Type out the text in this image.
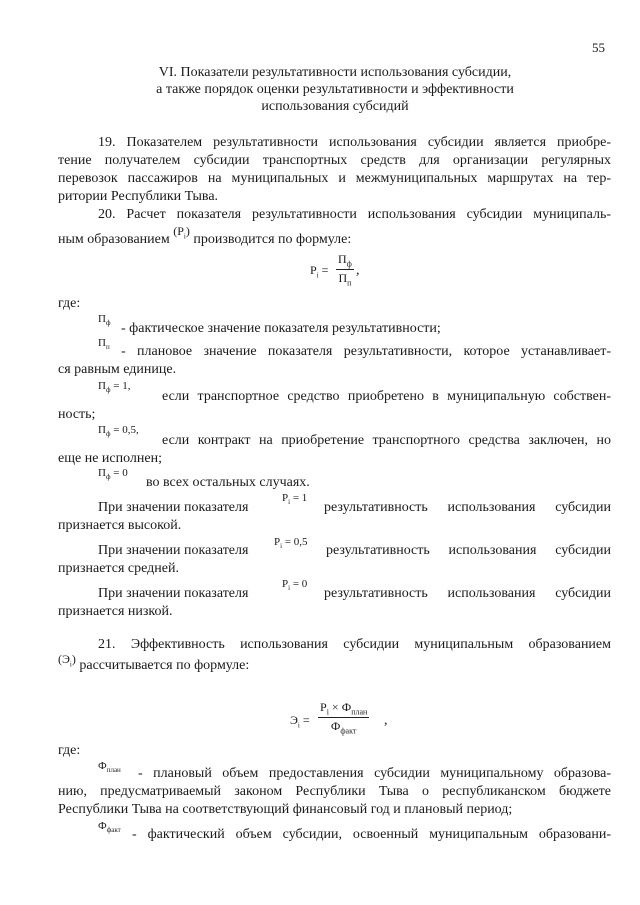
55
VI. Показатели результативности использования субсидии,
а также порядок оценки результативности и эффективности
использования субсидий
19. Показателем результативности использования субсидии является приобре-
тение получателем субсидии транспортных средств для организации регулярных
перевозок пассажиров на муниципальных и межмуниципальных маршрутах на тер-
ритории Республики Тыва.
20. Расчет показателя результативности использования субсидии муниципаль-
ным образованием $(P_i)$ производится по формуле:
$P_i$ =
$П_ф$
$П_п$
,
где:
$П_ф$ - фактическое значение показателя результативности;
$П_п$ - плановое значение показателя результативности, которое устанавливает-
ся равным единице.
$П_ф = 1$,
если транспортное средство приобретено в муниципальную собствен-
ность;
$П_ф = 0,5$,
если контракт на приобретение транспортного средства заключен, но
еще не исполнен;
$П_ф = 0$
во всех остальных случаях.
При значении показателя
$P_i = 1$
результативность использования субсидии
признается высокой.
При значении показателя
$P_i = 0,5$
результативность использования субсидии
признается средней.
При значении показателя
$P_i = 0$
результативность использования субсидии
признается низкой.
21. Эффективность использования субсидии муниципальным образованием
$(Э_i)$ рассчитывается по формуле:
$Э_i$ =
$P_i \times Ф_{план}$
$Ф_{факт}$
,
где:
$Ф_{план}$ - плановый объем предоставления субсидии муниципальному образова-
нию, предусматриваемый законом Республики Тыва о республиканском бюджете
Республики Тыва на соответствующий финансовый год и плановый период;
$Ф_{факт}$ - фактический объем субсидии, освоенный муниципальным образовани-
